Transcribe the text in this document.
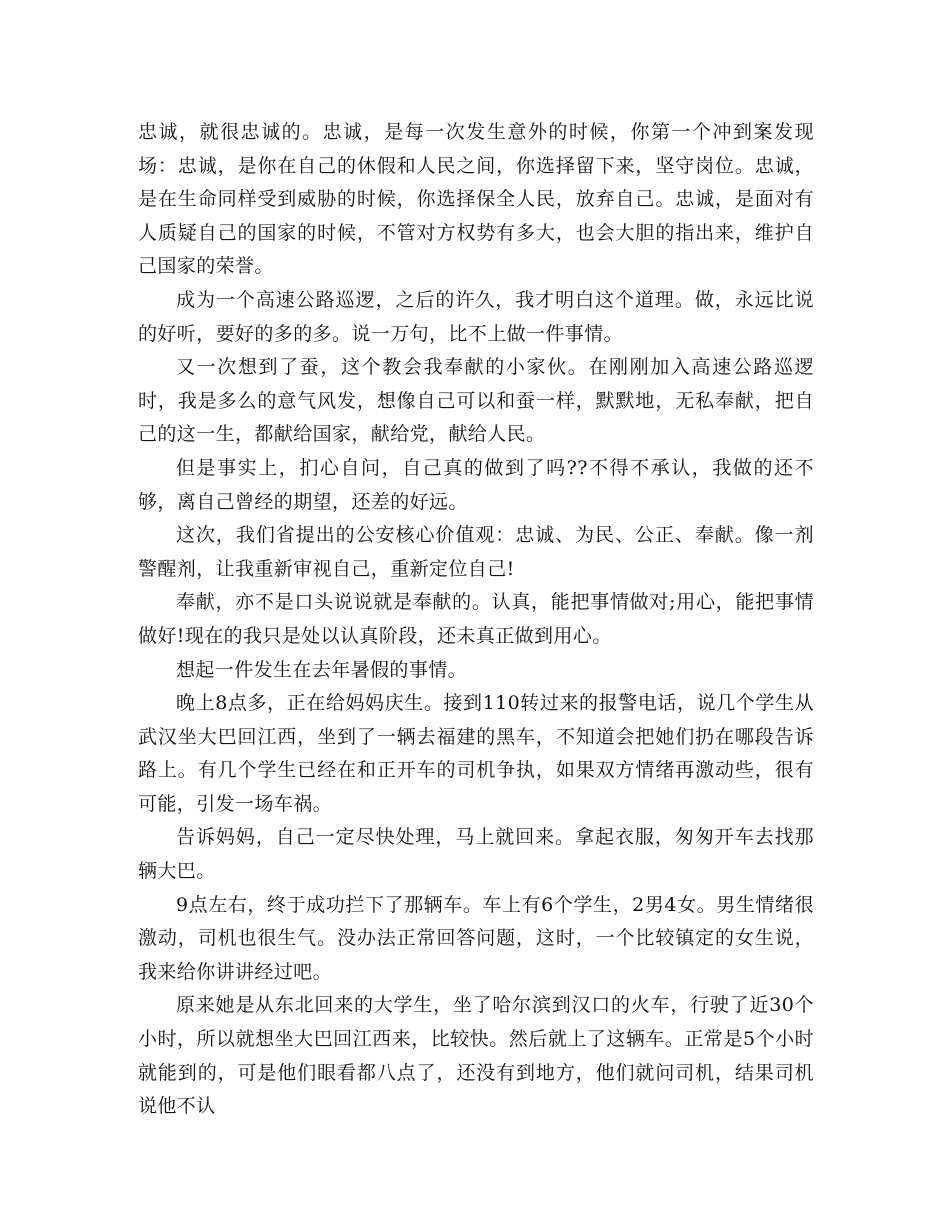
忠诚，就很忠诚的。忠诚，是每一次发生意外的时候，你第一个冲到案发现场：忠诚，是你在自己的休假和人民之间，你选择留下来，坚守岗位。忠诚，是在生命同样受到威胁的时候，你选择保全人民，放弃自己。忠诚，是面对有人质疑自己的国家的时候，不管对方权势有多大，也会大胆的指出来，维护自己国家的荣誉。

成为一个高速公路巡逻，之后的许久，我才明白这个道理。做，永远比说的好听，要好的多的多。说一万句，比不上做一件事情。

又一次想到了蚕，这个教会我奉献的小家伙。在刚刚加入高速公路巡逻时，我是多么的意气风发，想像自己可以和蚕一样，默默地，无私奉献，把自己的这一生，都献给国家，献给党，献给人民。

但是事实上，扪心自问，自己真的做到了吗??不得不承认，我做的还不够，离自己曾经的期望，还差的好远。

这次，我们省提出的公安核心价值观：忠诚、为民、公正、奉献。像一剂警醒剂，让我重新审视自己，重新定位自己!

奉献，亦不是口头说说就是奉献的。认真，能把事情做对;用心，能把事情做好!现在的我只是处以认真阶段，还未真正做到用心。

想起一件发生在去年暑假的事情。

晚上8点多，正在给妈妈庆生。接到110转过来的报警电话，说几个学生从武汉坐大巴回江西，坐到了一辆去福建的黑车，不知道会把她们扔在哪段告诉路上。有几个学生已经在和正开车的司机争执，如果双方情绪再激动些，很有可能，引发一场车祸。

告诉妈妈，自己一定尽快处理，马上就回来。拿起衣服，匆匆开车去找那辆大巴。

9点左右，终于成功拦下了那辆车。车上有6个学生，2男4女。男生情绪很激动，司机也很生气。没办法正常回答问题，这时，一个比较镇定的女生说，我来给你讲讲经过吧。

原来她是从东北回来的大学生，坐了哈尔滨到汉口的火车，行驶了近30个小时，所以就想坐大巴回江西来，比较快。然后就上了这辆车。正常是5个小时就能到的，可是他们眼看都八点了，还没有到地方，他们就问司机，结果司机说他不认
